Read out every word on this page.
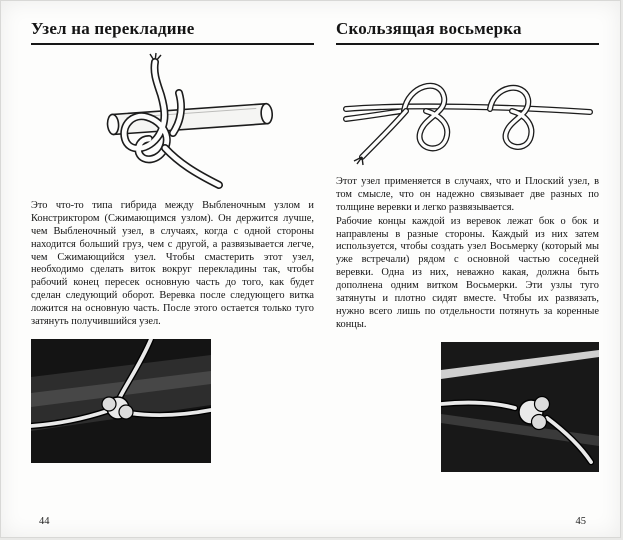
Узел на перекладине

Это что-то типа гибрида между Выбленочным узлом и Констриктором (Сжимающимся узлом). Он держится лучше, чем Выбленочный узел, в случаях, когда с одной стороны находится больший груз, чем с другой, а развязывается легче, чем Сжимающийся узел. Чтобы смастерить этот узел, необходимо сделать виток вокруг перекладины так, чтобы рабочий конец пересек основную часть до того, как будет сделан следующий оборот. Веревка после следующего витка ложится на основную часть. После этого остается только туго затянуть получившийся узел.

Скользящая восьмерка

Этот узел применяется в случаях, что и Плоский узел, в том смысле, что он надежно связывает две разных по толщине веревки и легко развязывается.

Рабочие концы каждой из веревок лежат бок о бок и направлены в разные стороны. Каждый из них затем используется, чтобы создать узел Восьмерку (который мы уже встречали) рядом с основной частью соседней веревки. Одна из них, неважно какая, должна быть дополнена одним витком Восьмерки. Эти узлы туго затянуты и плотно сидят вместе. Чтобы их развязать, нужно всего лишь по отдельности потянуть за коренные концы.

44	45
